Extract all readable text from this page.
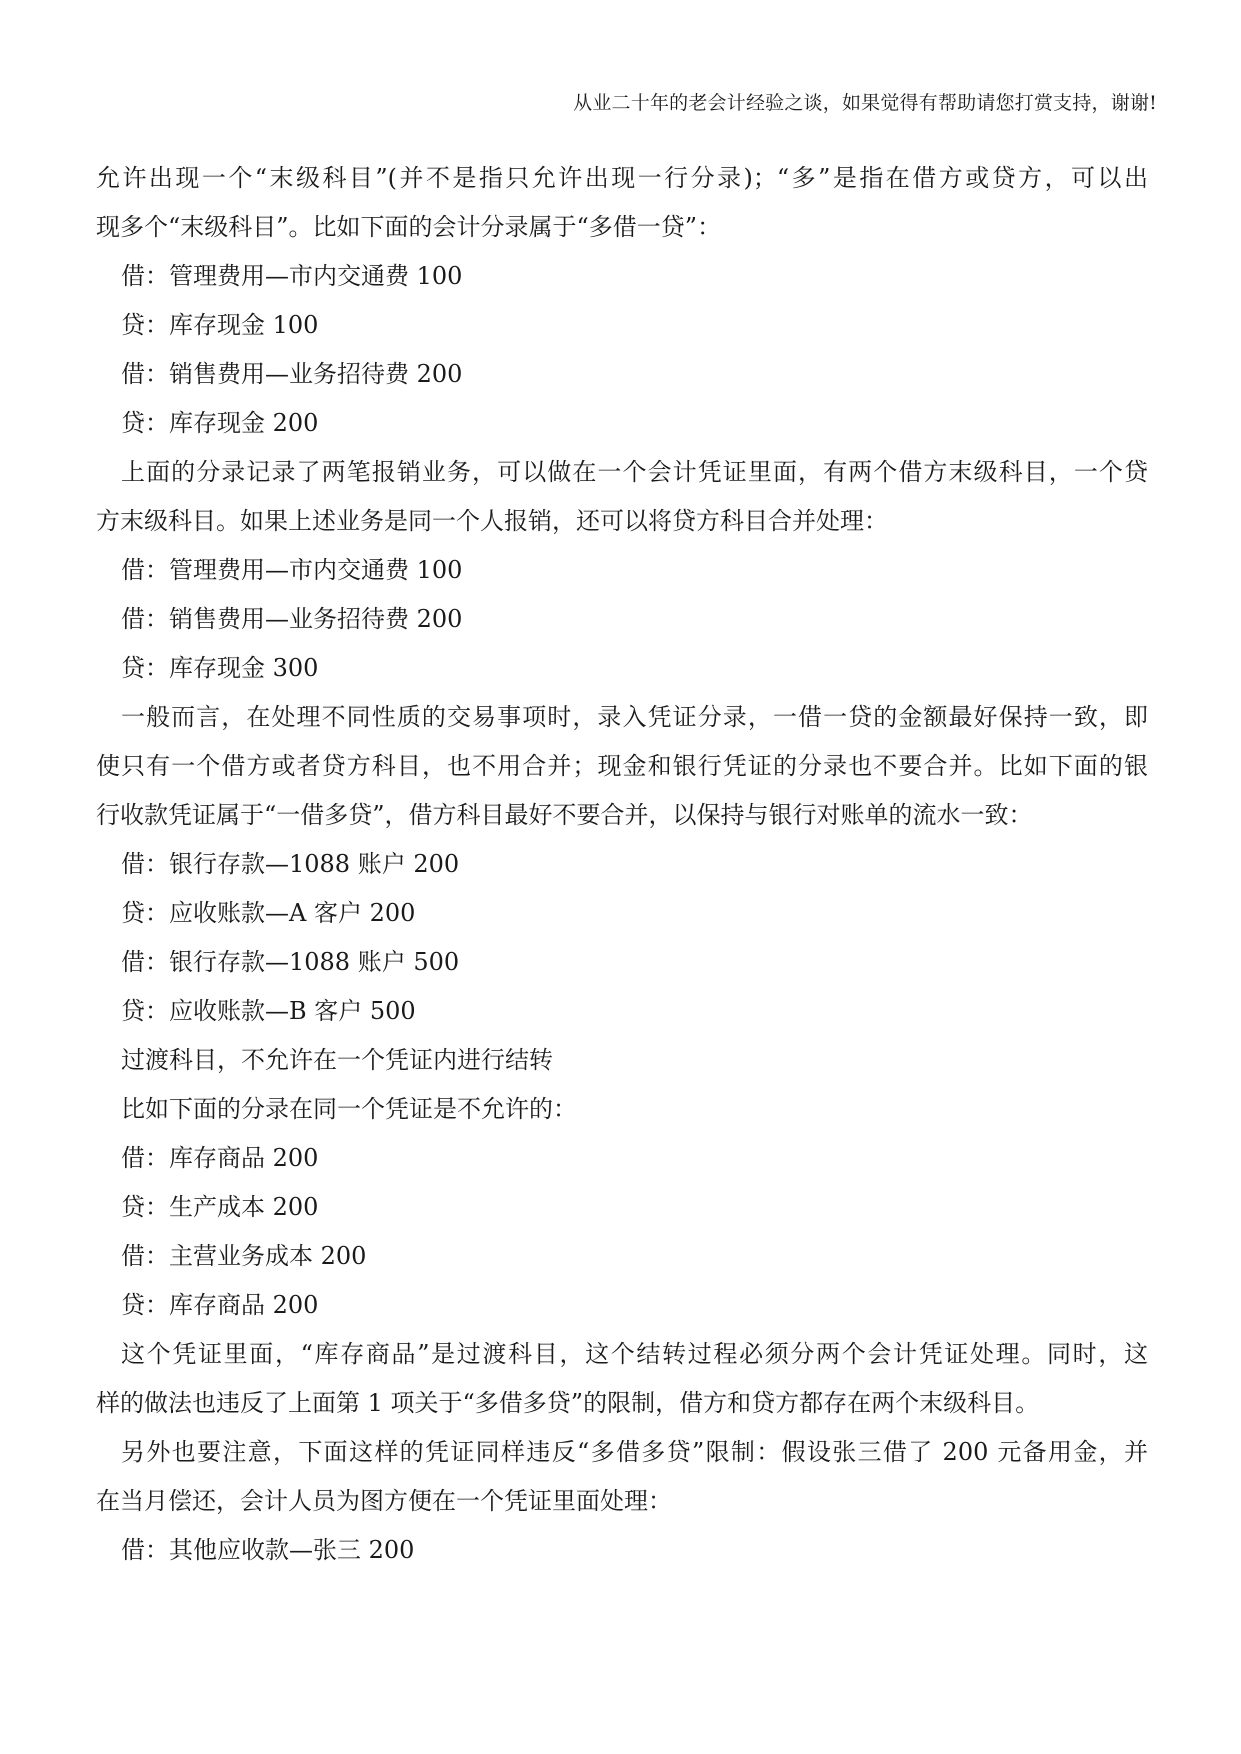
从业二十年的老会计经验之谈，如果觉得有帮助请您打赏支持，谢谢!
允许出现一个“末级科目”(并不是指只允许出现一行分录)；“多”是指在借方或贷方，可以出
现多个“末级科目”。比如下面的会计分录属于“多借一贷”：
借：管理费用—市内交通费 100
贷：库存现金 100
借：销售费用—业务招待费 200
贷：库存现金 200
上面的分录记录了两笔报销业务，可以做在一个会计凭证里面，有两个借方末级科目，一个贷
方末级科目。如果上述业务是同一个人报销，还可以将贷方科目合并处理：
借：管理费用—市内交通费 100
借：销售费用—业务招待费 200
贷：库存现金 300
一般而言，在处理不同性质的交易事项时，录入凭证分录，一借一贷的金额最好保持一致，即
使只有一个借方或者贷方科目，也不用合并；现金和银行凭证的分录也不要合并。比如下面的银
行收款凭证属于“一借多贷”，借方科目最好不要合并，以保持与银行对账单的流水一致：
借：银行存款—1088 账户 200
贷：应收账款—A 客户 200
借：银行存款—1088 账户 500
贷：应收账款—B 客户 500
过渡科目，不允许在一个凭证内进行结转
比如下面的分录在同一个凭证是不允许的：
借：库存商品 200
贷：生产成本 200
借：主营业务成本 200
贷：库存商品 200
这个凭证里面，“库存商品”是过渡科目，这个结转过程必须分两个会计凭证处理。同时，这
样的做法也违反了上面第 1 项关于“多借多贷”的限制，借方和贷方都存在两个末级科目。
另外也要注意，下面这样的凭证同样违反“多借多贷”限制：假设张三借了 200 元备用金，并
在当月偿还，会计人员为图方便在一个凭证里面处理：
借：其他应收款—张三 200
